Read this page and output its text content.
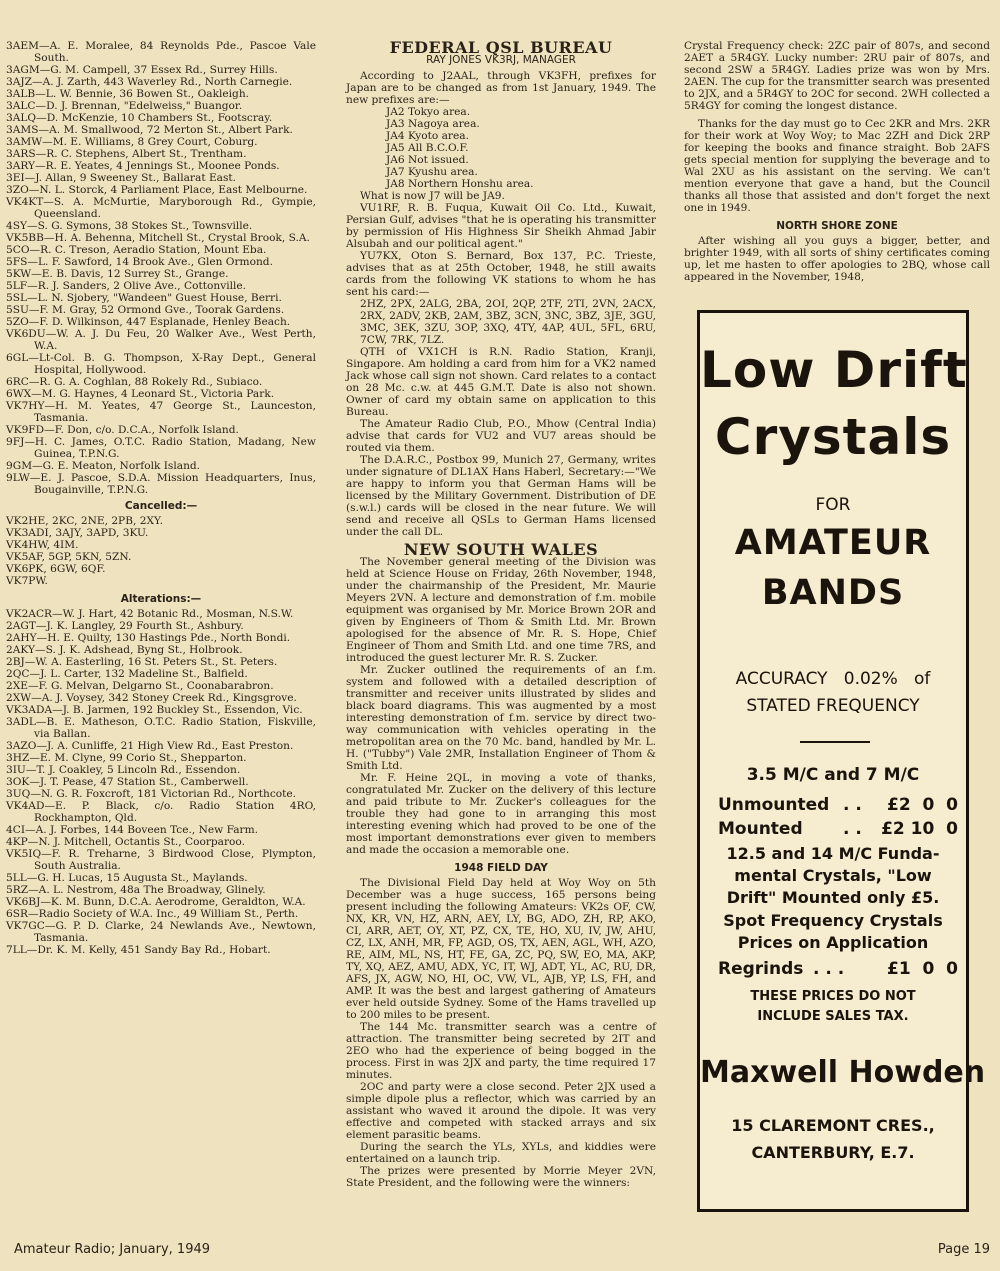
3AEM—A. E. Moralee, 84 Reynolds Pde., Pascoe Vale South.
3AGM—G. M. Campell, 37 Essex Rd., Surrey Hills.
3AJZ—A. J. Zarth, 443 Waverley Rd., North Carnegie.
3ALB—L. W. Bennie, 36 Bowen St., Oakleigh.
3ALC—D. J. Brennan, "Edelweiss," Buangor.
3ALQ—D. McKenzie, 10 Chambers St., Footscray.
3AMS—A. M. Smallwood, 72 Merton St., Albert Park.
3AMW—M. E. Williams, 8 Grey Court, Coburg.
3ARS—R. C. Stephens, Albert St., Trentham.
3ARY—R. E. Yeates, 4 Jennings St., Moonee Ponds.
3EI—J. Allan, 9 Sweeney St., Ballarat East.
3ZO—N. L. Storck, 4 Parliament Place, East Melbourne.
VK4KT—S. A. McMurtie, Maryborough Rd., Gympie, Queensland.
4SY—S. G. Symons, 38 Stokes St., Townsville.
VK5BB—H. A. Behenna, Mitchell St., Crystal Brook, S.A.
5CO—R. C. Treson, Aeradio Station, Mount Eba.
5FS—L. F. Sawford, 14 Brook Ave., Glen Ormond.
5KW—E. B. Davis, 12 Surrey St., Grange.
5LF—R. J. Sanders, 2 Olive Ave., Cottonville.
5SL—L. N. Sjobery, "Wandeen" Guest House, Berri.
5SU—F. M. Gray, 52 Ormond Gve., Toorak Gardens.
5ZO—F. D. Wilkinson, 447 Esplanade, Henley Beach.
VK6DU—W. A. J. Du Feu, 20 Walker Ave., West Perth, W.A.
6GL—Lt-Col. B. G. Thompson, X-Ray Dept., General Hospital, Hollywood.
6RC—R. G. A. Coghlan, 88 Rokely Rd., Subiaco.
6WX—M. G. Haynes, 4 Leonard St., Victoria Park.
VK7HY—H. M. Yeates, 47 George St., Launceston, Tasmania.
VK9FD—F. Don, c/o. D.C.A., Norfolk Island.
9FJ—H. C. James, O.T.C. Radio Station, Madang, New Guinea, T.P.N.G.
9GM—G. E. Meaton, Norfolk Island.
9LW—E. J. Pascoe, S.D.A. Mission Headquarters, Inus, Bougainville, T.P.N.G.
Cancelled:—
VK2HE, 2KC, 2NE, 2PB, 2XY.
VK3ADI, 3AJY, 3APD, 3KU.
VK4HW, 4IM.
VK5AF, 5GP, 5KN, 5ZN.
VK6PK, 6GW, 6QF.
VK7PW.
Alterations:—
VK2ACR—W. J. Hart, 42 Botanic Rd., Mosman, N.S.W.
2AGT—J. K. Langley, 29 Fourth St., Ashbury.
2AHY—H. E. Quilty, 130 Hastings Pde., North Bondi.
2AKY—S. J. K. Adshead, Byng St., Holbrook.
2BJ—W. A. Easterling, 16 St. Peters St., St. Peters.
2QC—J. L. Carter, 132 Madeline St., Balfield.
2XE—F. G. Melvan, Delgarno St., Coonabarabron.
2XW—A. J. Voysey, 342 Stoney Creek Rd., Kingsgrove.
VK3ADA—J. B. Jarmen, 192 Buckley St., Essendon, Vic.
3ADL—B. E. Matheson, O.T.C. Radio Station, Fiskville, via Ballan.
3AZO—J. A. Cunliffe, 21 High View Rd., East Preston.
3HZ—E. M. Clyne, 99 Corio St., Shepparton.
3IU—T. J. Coakley, 5 Lincoln Rd., Essendon.
3OK—J. T. Pease, 47 Station St., Camberwell.
3UQ—N. G. R. Foxcroft, 181 Victorian Rd., Northcote.
VK4AD—E. P. Black, c/o. Radio Station 4RO, Rockhampton, Qld.
4CI—A. J. Forbes, 144 Boveen Tce., New Farm.
4KP—N. J. Mitchell, Octantis St., Coorparoo.
VK5IQ—F. R. Treharne, 3 Birdwood Close, Plympton, South Australia.
5LL—G. H. Lucas, 15 Augusta St., Maylands.
5RZ—A. L. Nestrom, 48a The Broadway, Glinely.
VK6BJ—K. M. Bunn, D.C.A. Aerodrome, Geraldton, W.A.
6SR—Radio Society of W.A. Inc., 49 William St., Perth.
VK7GC—G. P. D. Clarke, 24 Newlands Ave., Newtown, Tasmania.
7LL—Dr. K. M. Kelly, 451 Sandy Bay Rd., Hobart.
FEDERAL QSL BUREAU
RAY JONES VK3RJ, MANAGER

According to J2AAL, through VK3FH, prefixes for Japan are to be changed as from 1st January, 1949. The new prefixes are:—

JA2 Tokyo area.
JA3 Nagoya area.
JA4 Kyoto area.
JA5 All B.C.O.F.
JA6 Not issued.
JA7 Kyushu area.
JA8 Northern Honshu area.

What is now J7 will be JA9.

VU1RF, R. B. Fuqua, Kuwait Oil Co. Ltd., Kuwait, Persian Gulf, advises "that he is operating his transmitter by permission of His Highness Sir Sheikh Ahmad Jabir Alsubah and our political agent."

YU7KX, Oton S. Bernard, Box 137, P.C. Trieste, advises that as at 25th October, 1948, he still awaits cards from the following VK stations to whom he has sent his card:—

2HZ, 2PX, 2ALG, 2BA, 2OI, 2QP, 2TF, 2TI, 2VN, 2ACX, 2RX, 2ADV, 2KB, 2AM, 3BZ, 3CN, 3NC, 3BZ, 3JE, 3GU, 3MC, 3EK, 3ZU, 3OP, 3XQ, 4TY, 4AP, 4UL, 5FL, 6RU, 7CW, 7RK, 7LZ.

QTH of VX1CH is R.N. Radio Station, Kranji, Singapore. Am holding a card from him for a VK2 named Jack whose call sign not shown. Card relates to a contact on 28 Mc. c.w. at 445 G.M.T. Date is also not shown. Owner of card my obtain same on application to this Bureau.

The Amateur Radio Club, P.O., Mhow (Central India) advise that cards for VU2 and VU7 areas should be routed via them.

The D.A.R.C., Postbox 99, Munich 27, Germany, writes under signature of DL1AX Hans Haberl, Secretary:—"We are happy to inform you that German Hams will be licensed by the Military Government. Distribution of DE (s.w.l.) cards will be closed in the near future. We will send and receive all QSLs to German Hams licensed under the call DL.

NEW SOUTH WALES

The November general meeting of the Division was held at Science House on Friday, 26th November, 1948, under the chairmanship of the President, Mr. Maurie Meyers 2VN. A lecture and demonstration of f.m. mobile equipment was organised by Mr. Morice Brown 2OR and given by Engineers of Thom & Smith Ltd. Mr. Brown apologised for the absence of Mr. R. S. Hope, Chief Engineer of Thom and Smith Ltd. and one time 7RS, and introduced the guest lecturer Mr. R. S. Zucker.

Mr. Zucker outlined the requirements of an f.m. system and followed with a detailed description of transmitter and receiver units illustrated by slides and black board diagrams. This was augmented by a most interesting demonstration of f.m. service by direct two-way communication with vehicles operating in the metropolitan area on the 70 Mc. band, handled by Mr. L. H. ("Tubby") Vale 2MR, Installation Engineer of Thom & Smith Ltd.

Mr. F. Heine 2QL, in moving a vote of thanks, congratulated Mr. Zucker on the delivery of this lecture and paid tribute to Mr. Zucker's colleagues for the trouble they had gone to in arranging this most interesting evening which had proved to be one of the most important demonstrations ever given to members and made the occasion a memorable one.

1948 FIELD DAY

The Divisional Field Day held at Woy Woy on 5th December was a huge success, 165 persons being present including the following Amateurs: VK2s OF, CW, NX, KR, VN, HZ, ARN, AEY, LY, BG, ADO, ZH, RP, AKO, CI, ARR, AET, OY, XT, PZ, CX, TE, HO, XU, IV, JW, AHU, CZ, LX, ANH, MR, FP, AGD, OS, TX, AEN, AGL, WH, AZO, RE, AIM, ML, NS, HT, FE, GA, ZC, PQ, SW, EO, MA, AKP, TY, XQ, AEZ, AMU, ADX, YC, IT, WJ, ADT, YL, AC, RU, DR, AFS, JX, AGW, NO, HI, OC, VW, VL, AJB, YP, LS, FH, and AMP. It was the best and largest gathering of Amateurs ever held outside Sydney. Some of the Hams travelled up to 200 miles to be present.

The 144 Mc. transmitter search was a centre of attraction. The transmitter being secreted by 2IT and 2EO who had the experience of being bogged in the process. First in was 2JX and party, the time required 17 minutes.

2OC and party were a close second. Peter 2JX used a simple dipole plus a reflector, which was carried by an assistant who waved it around the dipole. It was very effective and competed with stacked arrays and six element parasitic beams.

During the search the YLs, XYLs, and kiddies were entertained on a launch trip.

The prizes were presented by Morrie Meyer 2VN, State President, and the following were the winners:

Crystal Frequency check: 2ZC pair of 807s, and second 2AET a 5R4GY. Lucky number: 2RU pair of 807s, and second 2SW a 5R4GY. Ladies prize was won by Mrs. 2AEN. The cup for the transmitter search was presented to 2JX, and a 5R4GY to 2OC for second. 2WH collected a 5R4GY for coming the longest distance.

Thanks for the day must go to Cec 2KR and Mrs. 2KR for their work at Woy Woy; to Mac 2ZH and Dick 2RP for keeping the books and finance straight. Bob 2AFS gets special mention for supplying the beverage and to Wal 2XU as his assistant on the serving. We can't mention everyone that gave a hand, but the Council thanks all those that assisted and don't forget the next one in 1949.

NORTH SHORE ZONE

After wishing all you guys a bigger, better, and brighter 1949, with all sorts of shiny certificates coming up, let me hasten to offer apologies to 2BQ, whose call appeared in the November, 1948,

Low Drift
Crystals
FOR
AMATEUR
BANDS
ACCURACY   0.02%   of
STATED FREQUENCY
3.5 M/C and 7 M/C
Unmounted . . £2  0  0
Mounted . . £2 10  0
12.5 and 14 M/C Funda-
mental Crystals, "Low
Drift" Mounted only £5.
Spot Frequency Crystals
Prices on Application
Regrinds . . .	£1  0  0
THESE PRICES DO NOT
INCLUDE SALES TAX.
Maxwell Howden
15 CLAREMONT CRES.,
CANTERBURY, E.7.
Amateur Radio; January, 1949	Page 19
